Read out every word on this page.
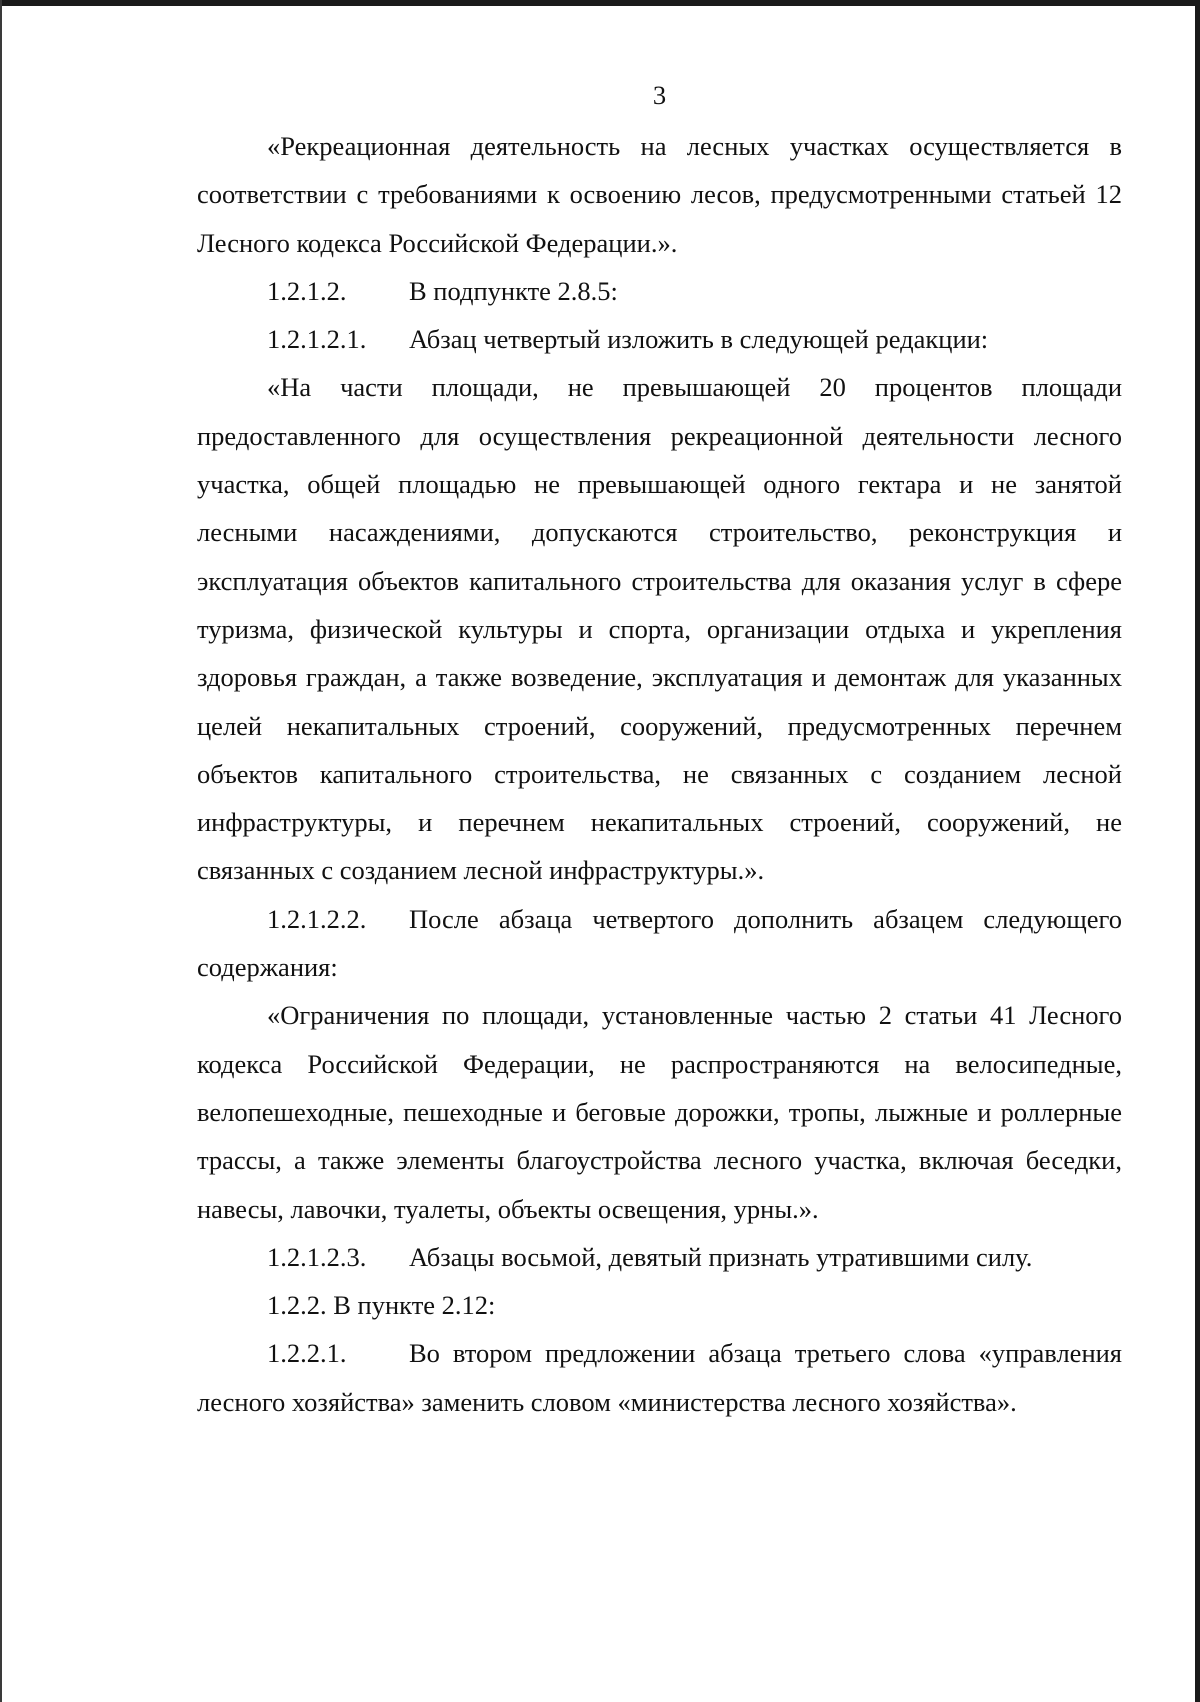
3

«Рекреационная деятельность на лесных участках осуществляется в соответствии с требованиями к освоению лесов, предусмотренными статьей 12 Лесного кодекса Российской Федерации.».

1.2.1.2. В подпункте 2.8.5:

1.2.1.2.1. Абзац четвертый изложить в следующей редакции:

«На части площади, не превышающей 20 процентов площади предоставленного для осуществления рекреационной деятельности лесного участка, общей площадью не превышающей одного гектара и не занятой лесными насаждениями, допускаются строительство, реконструкция и эксплуатация объектов капитального строительства для оказания услуг в сфере туризма, физической культуры и спорта, организации отдыха и укрепления здоровья граждан, а также возведение, эксплуатация и демонтаж для указанных целей некапитальных строений, сооружений, предусмотренных перечнем объектов капитального строительства, не связанных с созданием лесной инфраструктуры, и перечнем некапитальных строений, сооружений, не связанных с созданием лесной инфраструктуры.».

1.2.1.2.2. После абзаца четвертого дополнить абзацем следующего содержания:

«Ограничения по площади, установленные частью 2 статьи 41 Лесного кодекса Российской Федерации, не распространяются на велосипедные, велопешеходные, пешеходные и беговые дорожки, тропы, лыжные и роллерные трассы, а также элементы благоустройства лесного участка, включая беседки, навесы, лавочки, туалеты, объекты освещения, урны.».

1.2.1.2.3. Абзацы восьмой, девятый признать утратившими силу.

1.2.2. В пункте 2.12:

1.2.2.1. Во втором предложении абзаца третьего слова «управления лесного хозяйства» заменить словом «министерства лесного хозяйства».
